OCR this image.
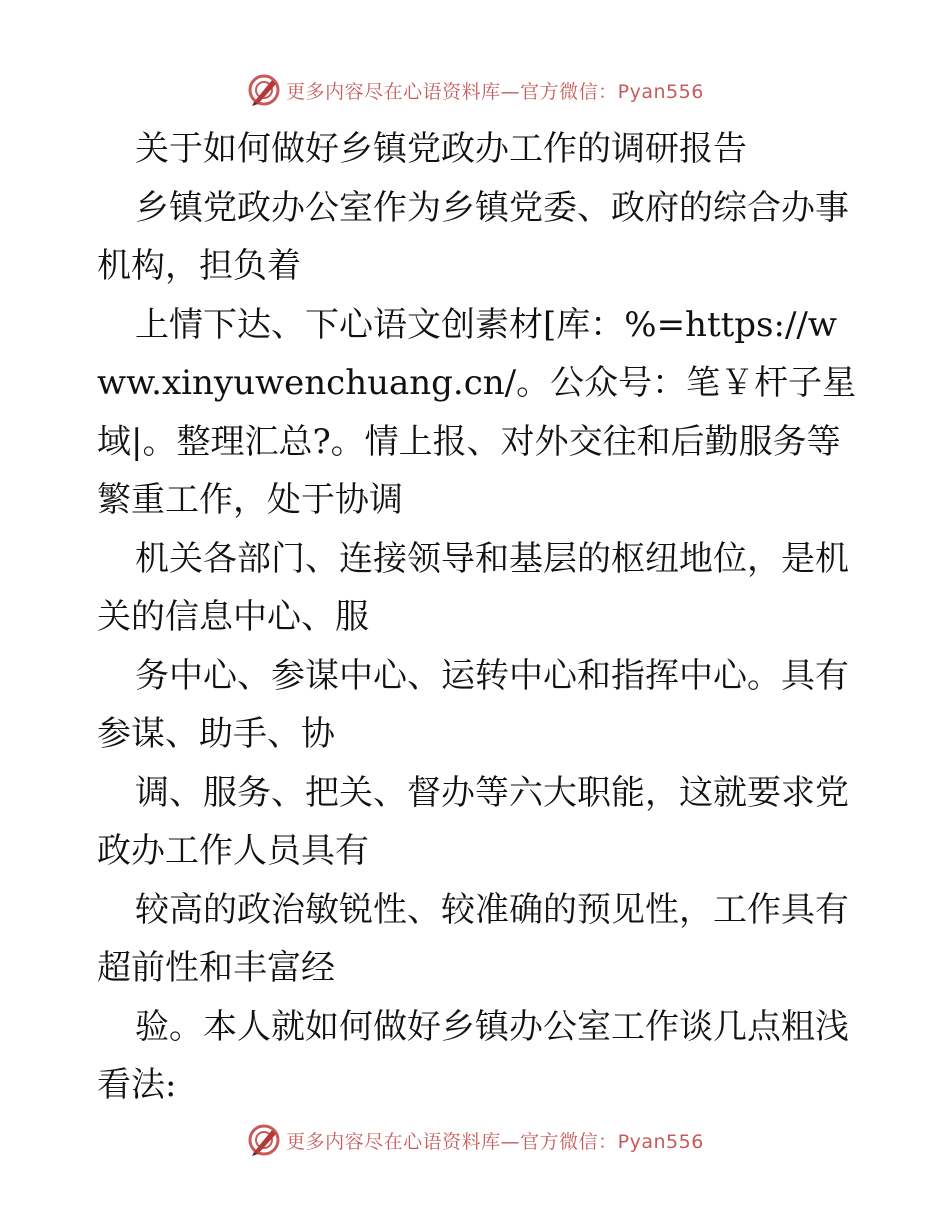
更多内容尽在心语资料库—官方微信：Pyan556

关于如何做好乡镇党政办工作的调研报告

乡镇党政办公室作为乡镇党委、政府的综合办事机构，担负着

上情下达、下心语文创素材[库：%=https://www.xinyuwenchuang.cn/。公众号：笔￥杆子星域|。整理汇总?。情上报、对外交往和后勤服务等繁重工作，处于协调

机关各部门、连接领导和基层的枢纽地位，是机关的信息中心、服

务中心、参谋中心、运转中心和指挥中心。具有参谋、助手、协

调、服务、把关、督办等六大职能，这就要求党政办工作人员具有

较高的政治敏锐性、较准确的预见性，工作具有超前性和丰富经

验。本人就如何做好乡镇办公室工作谈几点粗浅看法:

更多内容尽在心语资料库—官方微信：Pyan556
